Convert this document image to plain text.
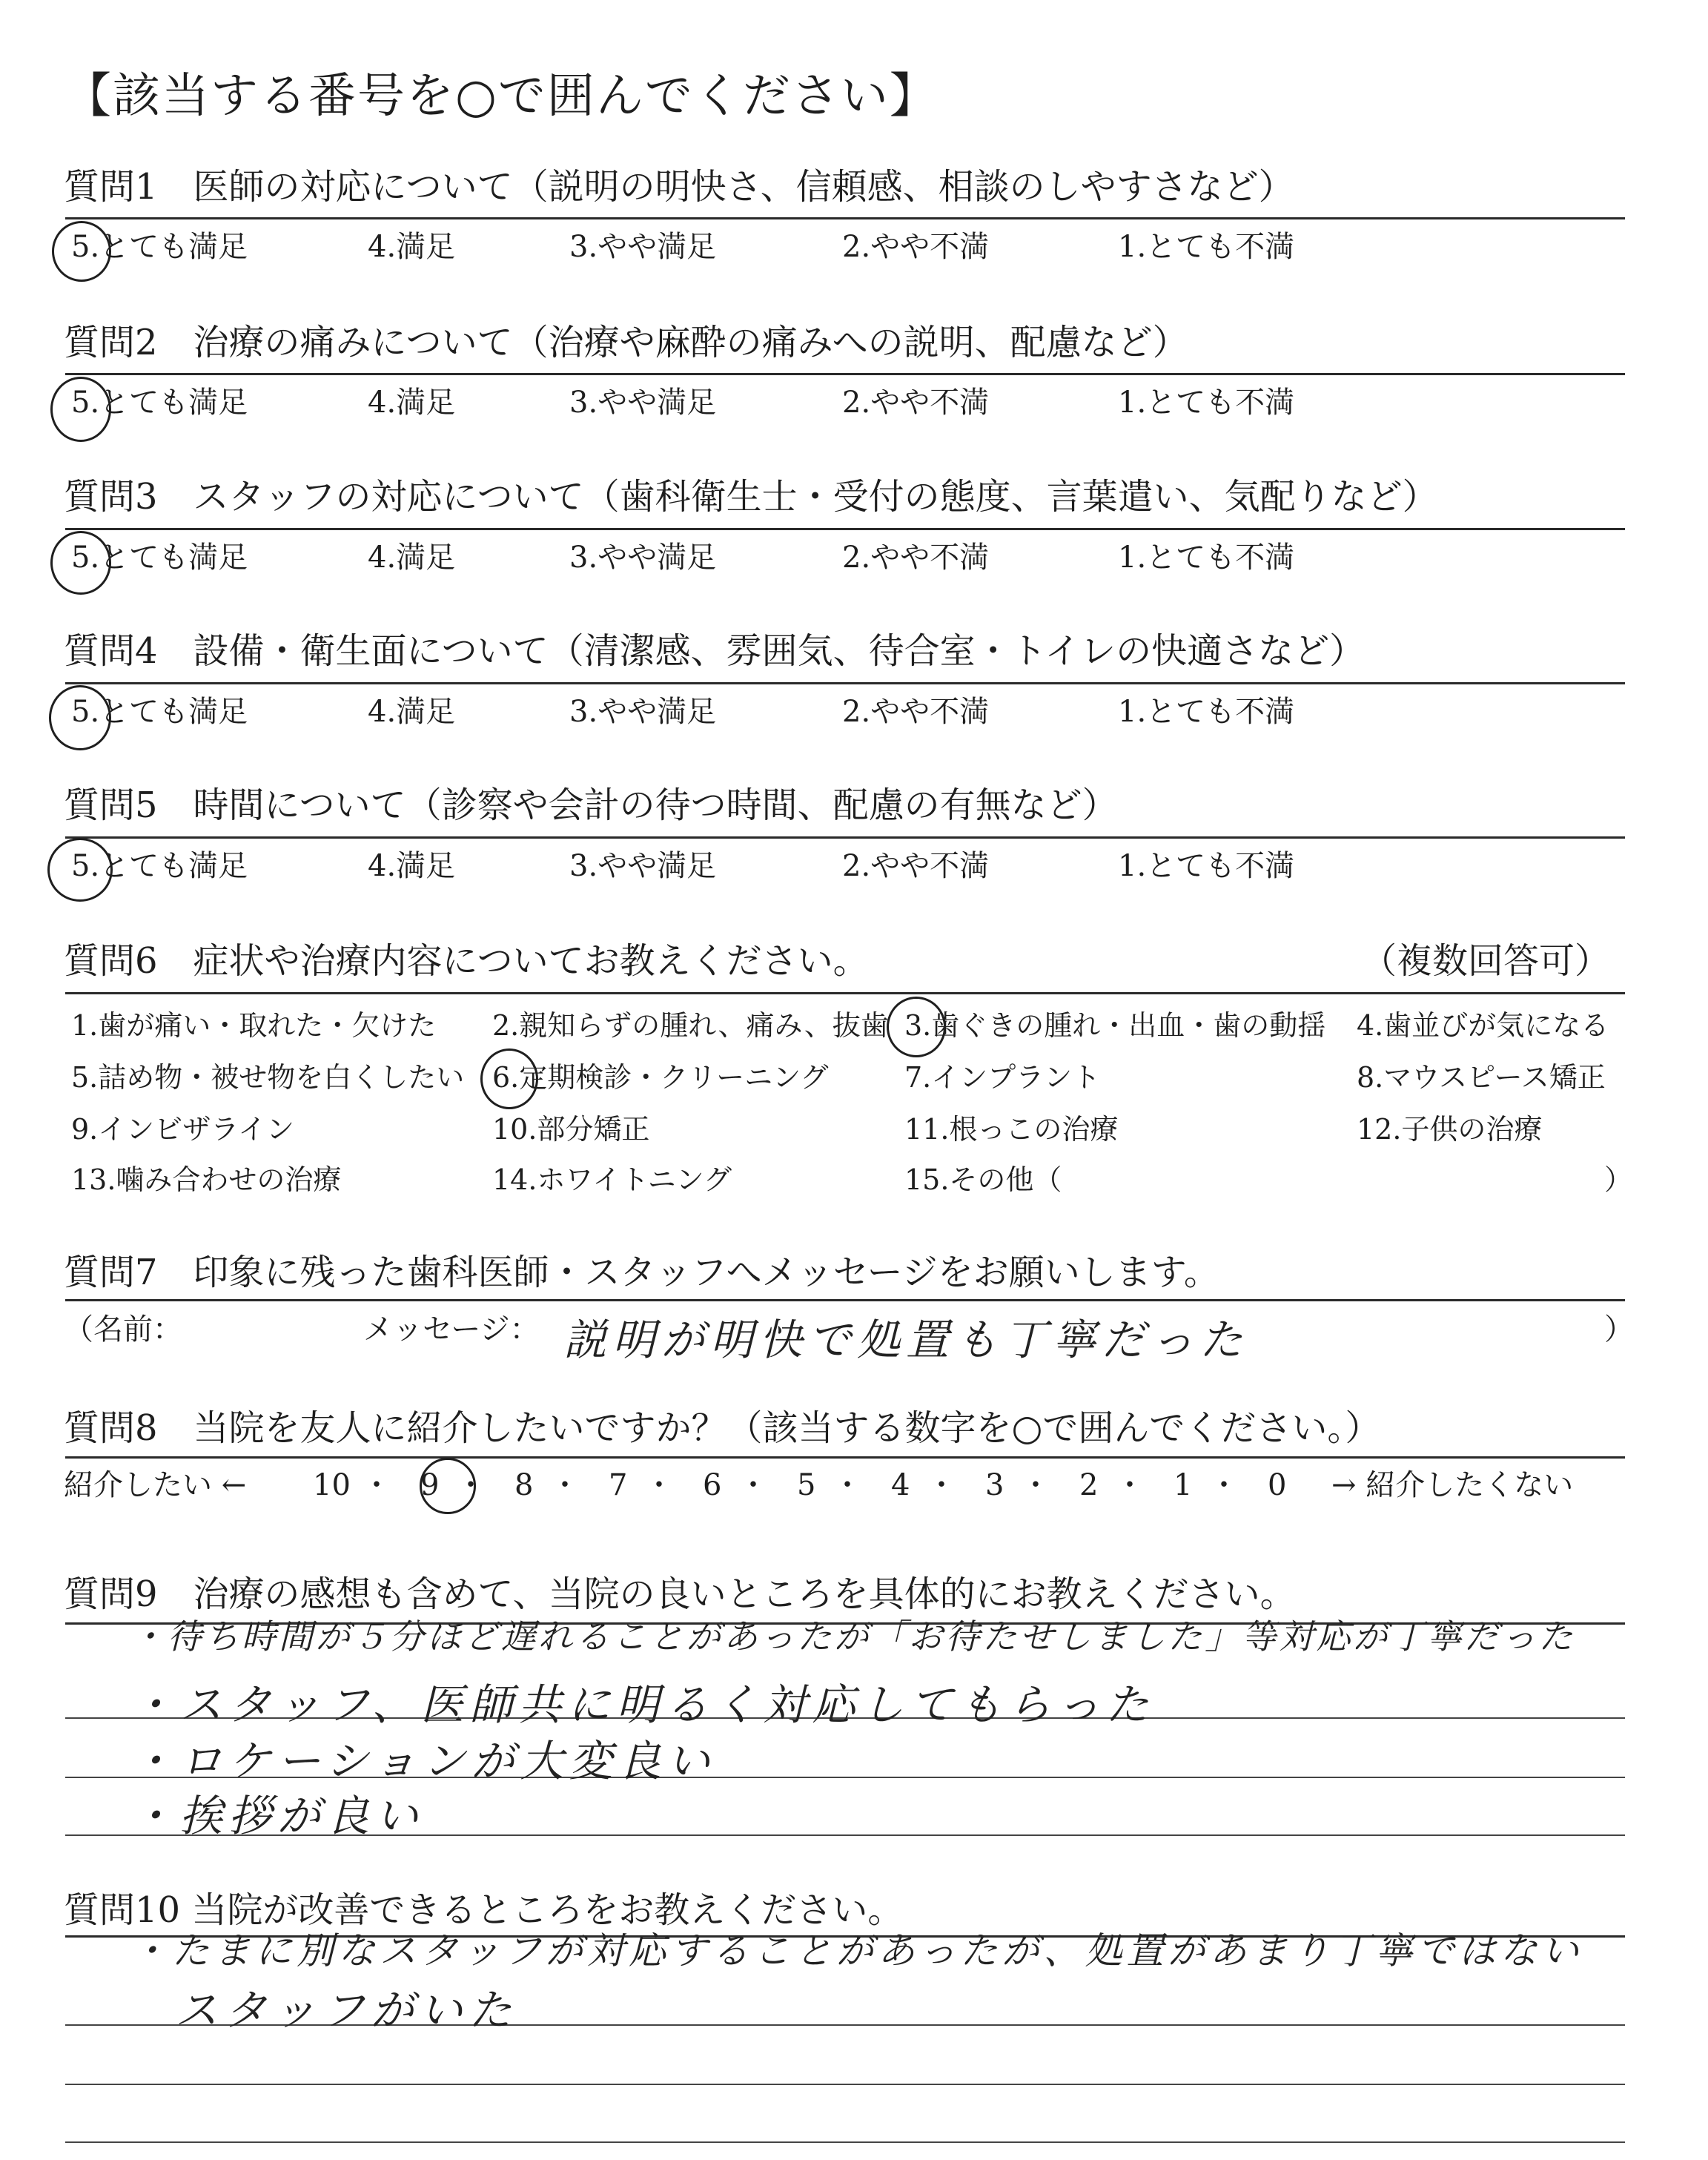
【該当する番号を○で囲んでください】
質問1　医師の対応について（説明の明快さ、信頼感、相談のしやすさなど）
5.とても満足	4.満足	3.やや満足	2.やや不満	1.とても不満
質問2　治療の痛みについて（治療や麻酔の痛みへの説明、配慮など）
5.とても満足	4.満足	3.やや満足	2.やや不満	1.とても不満
質問3　スタッフの対応について（歯科衛生士・受付の態度、言葉遣い、気配りなど）
5.とても満足	4.満足	3.やや満足	2.やや不満	1.とても不満
質問4　設備・衛生面について（清潔感、雰囲気、待合室・トイレの快適さなど）
5.とても満足	4.満足	3.やや満足	2.やや不満	1.とても不満
質問5　時間について（診察や会計の待つ時間、配慮の有無など）
5.とても満足	4.満足	3.やや満足	2.やや不満	1.とても不満
質問6　症状や治療内容についてお教えください。	（複数回答可）
1.歯が痛い・取れた・欠けた 2.親知らずの腫れ、痛み、抜歯 3.歯ぐきの腫れ・出血・歯の動揺 4.歯並びが気になる
5.詰め物・被せ物を白くしたい 6.定期検診・クリーニング	7.インプラント	8.マウスピース矯正
9.インビザライン	10.部分矯正	11.根っこの治療	12.子供の治療
13.噛み合わせの治療	14.ホワイトニング	15.その他（	）
質問7　印象に残った歯科医師・スタッフへメッセージをお願いします。
（名前：	メッセージ： 説明が明快で処置も丁寧だった	）
質問8　当院を友人に紹介したいですか？（該当する数字を○で囲んでください。）
紹介したい ←	→ 紹介したくない
10 ・ 9 ・ 8 ・ 7 ・ 6 ・ 5 ・ 4 ・ 3 ・ 2 ・ 1 ・ 0
質問9　治療の感想も含めて、当院の良いところを具体的にお教えください。
・待ち時間が５分ほど遅れることがあったが「お待たせしました」等対応が丁寧だった
・スタッフ、医師共に明るく対応してもらった
・ロケーションが大変良い
・挨拶が良い
質問10 当院が改善できるところをお教えください。
・たまに別なスタッフが対応することがあったが、処置があまり丁寧ではない
スタッフがいた
